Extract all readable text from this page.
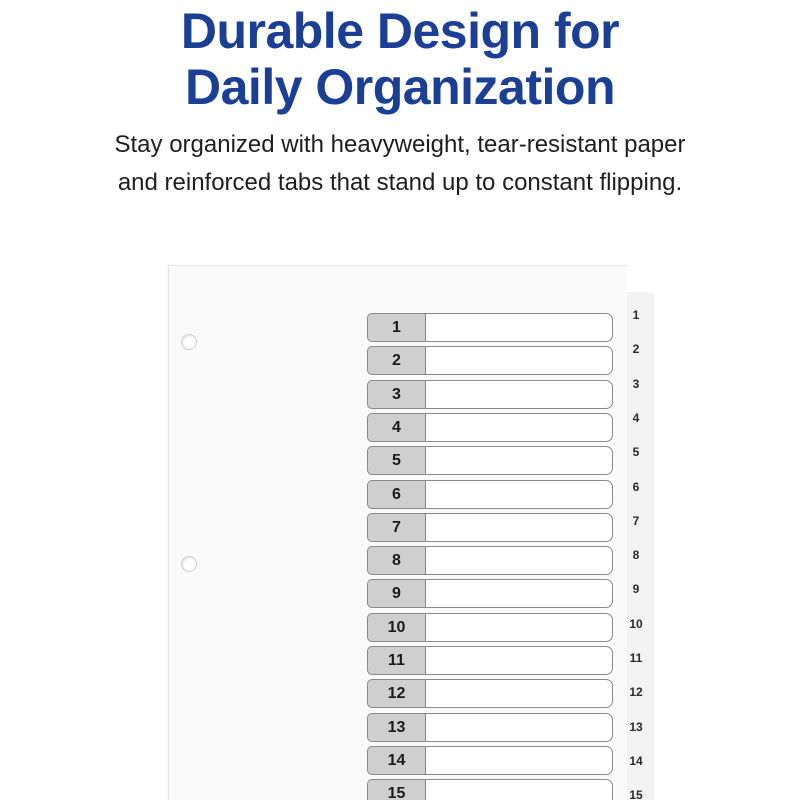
Durable Design for
Daily Organization
Stay organized with heavyweight, tear-resistant paper
and reinforced tabs that stand up to constant flipping.
1
2
3
4
5
6
7
8
9
10
11
12
13
14
15
1
2
3
4
5
6
7
8
9
10
11
12
13
14
15
